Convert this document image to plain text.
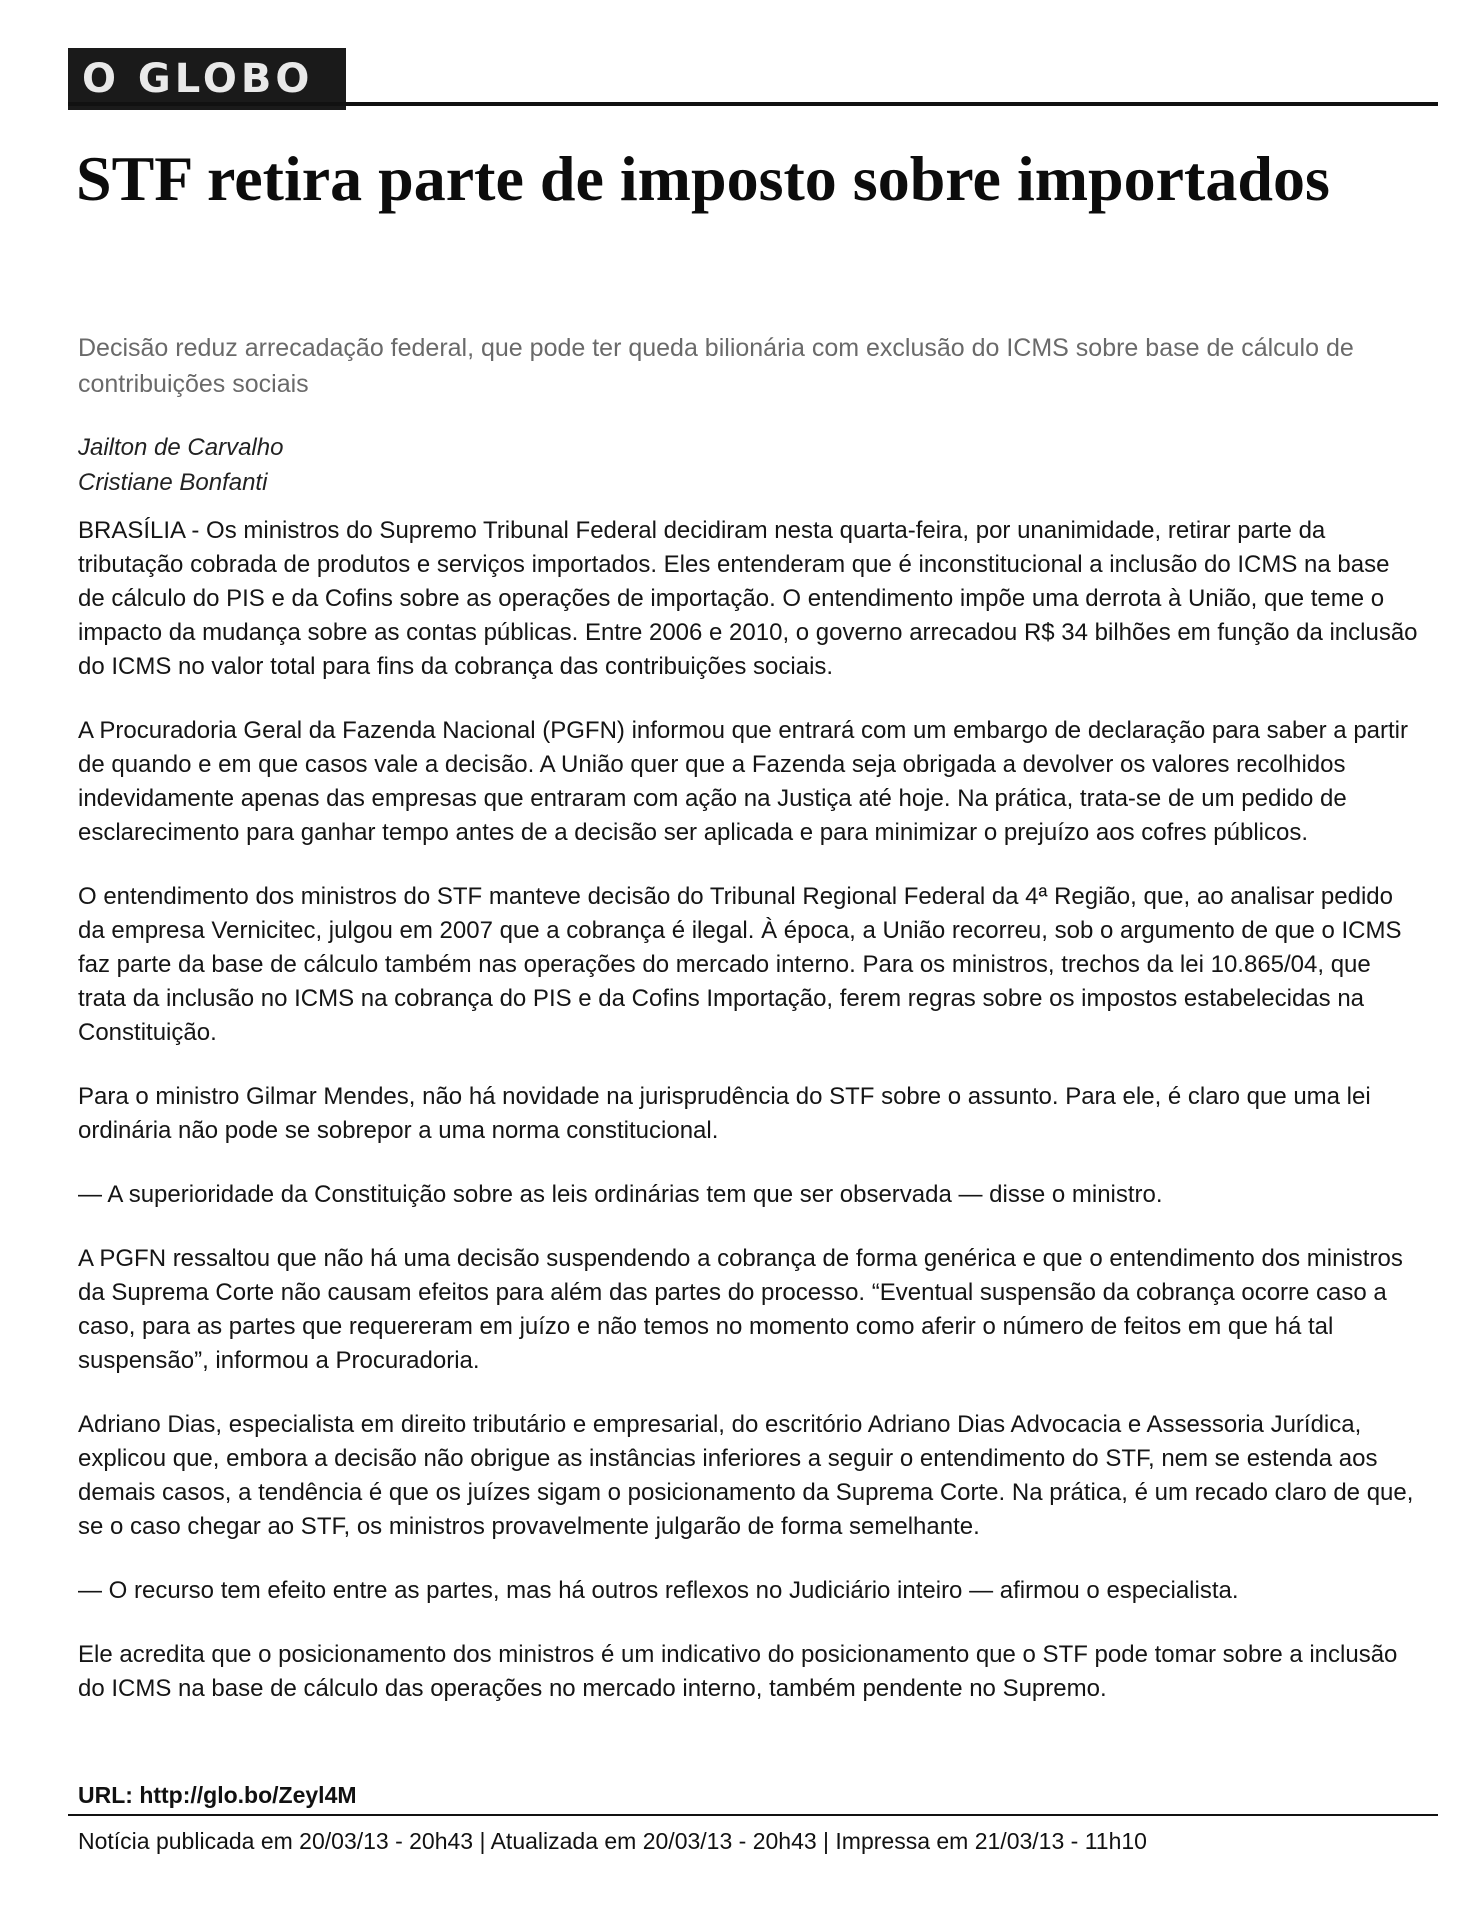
O GLOBO
STF retira parte de imposto sobre importados
Decisão reduz arrecadação federal, que pode ter queda bilionária com exclusão do ICMS sobre base de cálculo de contribuições sociais
Jailton de Carvalho
Cristiane Bonfanti

BRASÍLIA - Os ministros do Supremo Tribunal Federal decidiram nesta quarta-feira, por unanimidade, retirar parte da tributação cobrada de produtos e serviços importados. Eles entenderam que é inconstitucional a inclusão do ICMS na base de cálculo do PIS e da Cofins sobre as operações de importação. O entendimento impõe uma derrota à União, que teme o impacto da mudança sobre as contas públicas. Entre 2006 e 2010, o governo arrecadou R$ 34 bilhões em função da inclusão do ICMS no valor total para fins da cobrança das contribuições sociais.

A Procuradoria Geral da Fazenda Nacional (PGFN) informou que entrará com um embargo de declaração para saber a partir de quando e em que casos vale a decisão. A União quer que a Fazenda seja obrigada a devolver os valores recolhidos indevidamente apenas das empresas que entraram com ação na Justiça até hoje. Na prática, trata-se de um pedido de esclarecimento para ganhar tempo antes de a decisão ser aplicada e para minimizar o prejuízo aos cofres públicos.

O entendimento dos ministros do STF manteve decisão do Tribunal Regional Federal da 4ª Região, que, ao analisar pedido da empresa Vernicitec, julgou em 2007 que a cobrança é ilegal. À época, a União recorreu, sob o argumento de que o ICMS faz parte da base de cálculo também nas operações do mercado interno. Para os ministros, trechos da lei 10.865/04, que trata da inclusão no ICMS na cobrança do PIS e da Cofins Importação, ferem regras sobre os impostos estabelecidas na Constituição.

Para o ministro Gilmar Mendes, não há novidade na jurisprudência do STF sobre o assunto. Para ele, é claro que uma lei ordinária não pode se sobrepor a uma norma constitucional.

— A superioridade da Constituição sobre as leis ordinárias tem que ser observada — disse o ministro.

A PGFN ressaltou que não há uma decisão suspendendo a cobrança de forma genérica e que o entendimento dos ministros da Suprema Corte não causam efeitos para além das partes do processo. “Eventual suspensão da cobrança ocorre caso a caso, para as partes que requereram em juízo e não temos no momento como aferir o número de feitos em que há tal suspensão”, informou a Procuradoria.

Adriano Dias, especialista em direito tributário e empresarial, do escritório Adriano Dias Advocacia e Assessoria Jurídica, explicou que, embora a decisão não obrigue as instâncias inferiores a seguir o entendimento do STF, nem se estenda aos demais casos, a tendência é que os juízes sigam o posicionamento da Suprema Corte. Na prática, é um recado claro de que, se o caso chegar ao STF, os ministros provavelmente julgarão de forma semelhante.

— O recurso tem efeito entre as partes, mas há outros reflexos no Judiciário inteiro — afirmou o especialista.

Ele acredita que o posicionamento dos ministros é um indicativo do posicionamento que o STF pode tomar sobre a inclusão do ICMS na base de cálculo das operações no mercado interno, também pendente no Supremo.

URL: http://glo.bo/Zeyl4M
Notícia publicada em 20/03/13 - 20h43 | Atualizada em 20/03/13 - 20h43 | Impressa em 21/03/13 - 11h10
